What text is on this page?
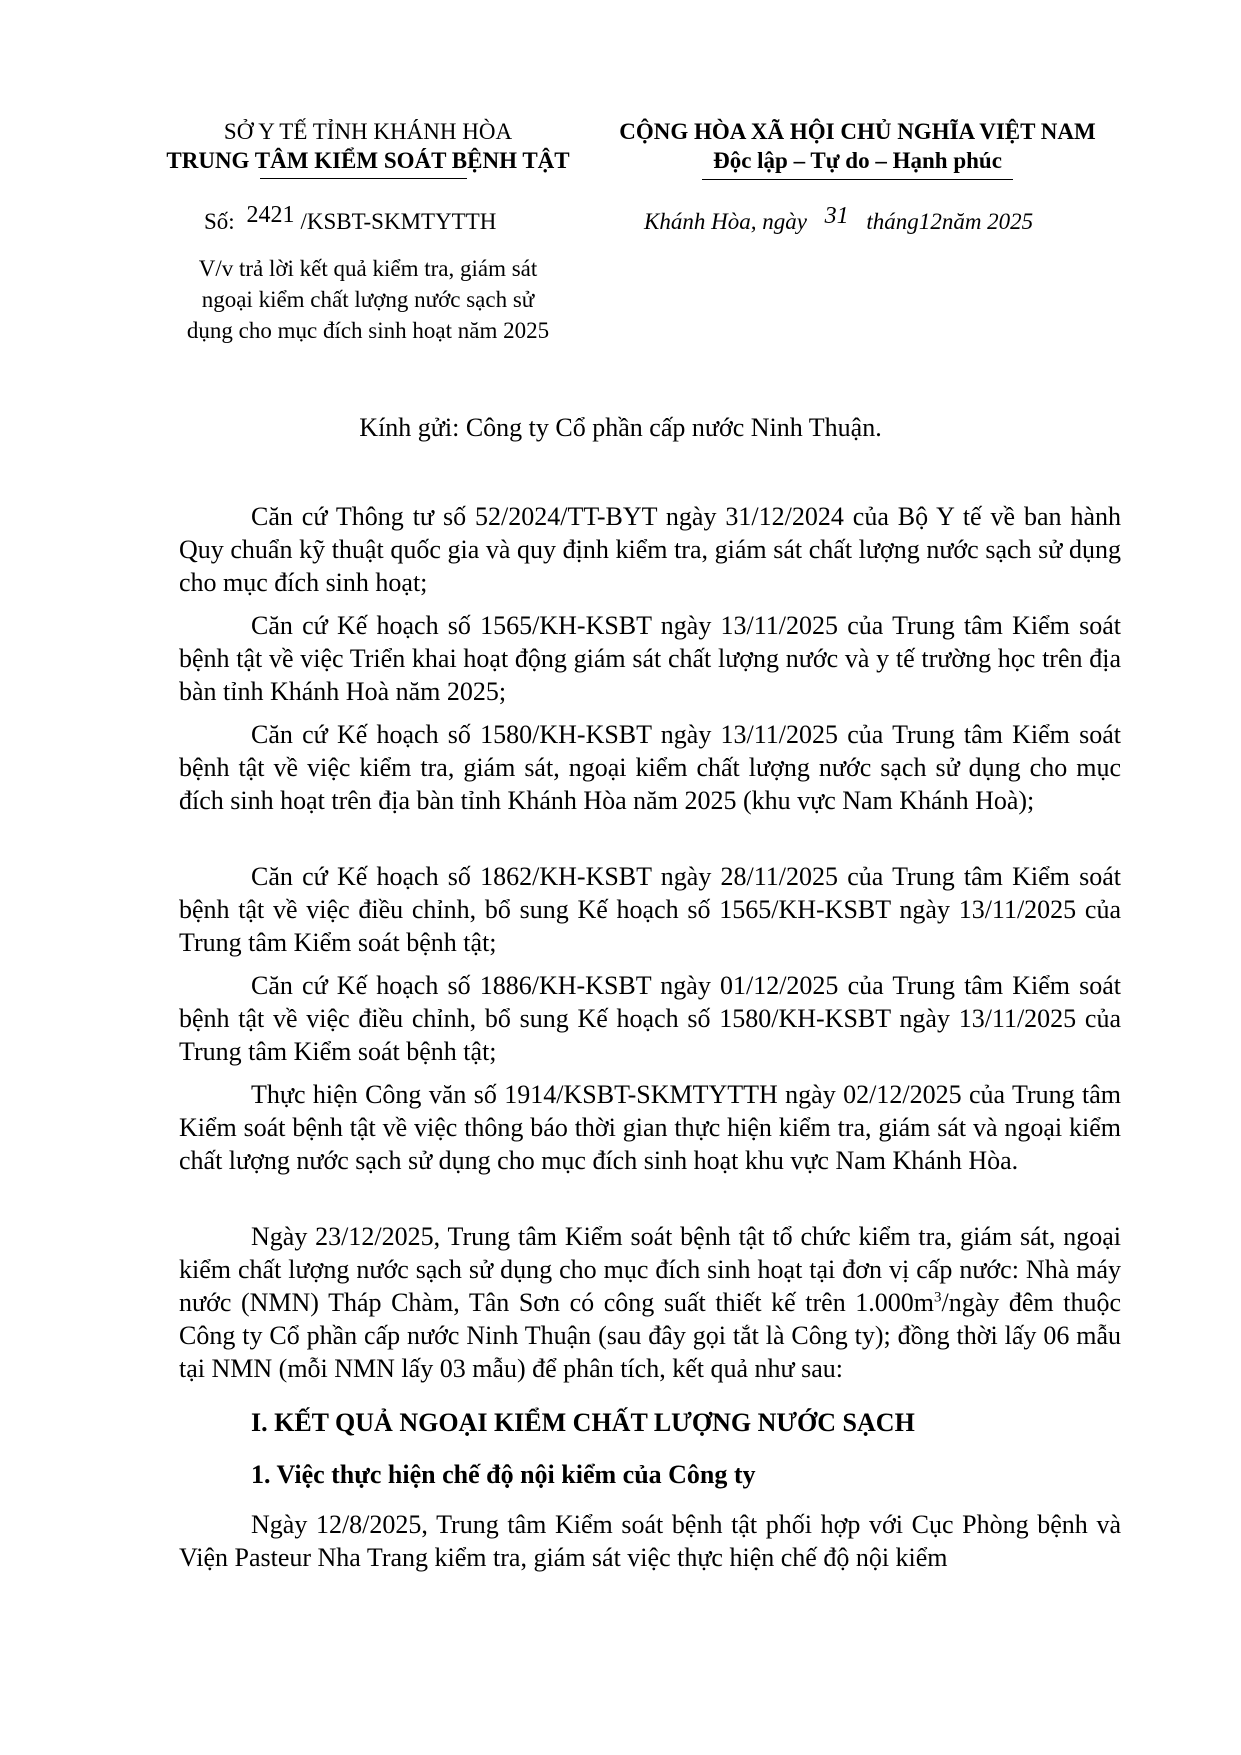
SỞ Y TẾ TỈNH KHÁNH HÒA
TRUNG TÂM KIỂM SOÁT BỆNH TẬT
CỘNG HÒA XÃ HỘI CHỦ NGHĨA VIỆT NAM
Độc lập – Tự do – Hạnh phúc
Số: 2421 /KSBT-SKMTYTTH	Khánh Hòa, ngày 31 tháng12năm 2025
V/v trả lời kết quả kiểm tra, giám sát
ngoại kiểm chất lượng nước sạch sử
dụng cho mục đích sinh hoạt năm 2025
Kính gửi: Công ty Cổ phần cấp nước Ninh Thuận.

Căn cứ Thông tư số 52/2024/TT-BYT ngày 31/12/2024 của Bộ Y tế về ban hành Quy chuẩn kỹ thuật quốc gia và quy định kiểm tra, giám sát chất lượng nước sạch sử dụng cho mục đích sinh hoạt;

Căn cứ Kế hoạch số 1565/KH-KSBT ngày 13/11/2025 của Trung tâm Kiểm soát bệnh tật về việc Triển khai hoạt động giám sát chất lượng nước và y tế trường học trên địa bàn tỉnh Khánh Hoà năm 2025;

Căn cứ Kế hoạch số 1580/KH-KSBT ngày 13/11/2025 của Trung tâm Kiểm soát bệnh tật về việc kiểm tra, giám sát, ngoại kiểm chất lượng nước sạch sử dụng cho mục đích sinh hoạt trên địa bàn tỉnh Khánh Hòa năm 2025 (khu vực Nam Khánh Hoà);

Căn cứ Kế hoạch số 1862/KH-KSBT ngày 28/11/2025 của Trung tâm Kiểm soát bệnh tật về việc điều chỉnh, bổ sung Kế hoạch số 1565/KH-KSBT ngày 13/11/2025 của Trung tâm Kiểm soát bệnh tật;

Căn cứ Kế hoạch số 1886/KH-KSBT ngày 01/12/2025 của Trung tâm Kiểm soát bệnh tật về việc điều chỉnh, bổ sung Kế hoạch số 1580/KH-KSBT ngày 13/11/2025 của Trung tâm Kiểm soát bệnh tật;

Thực hiện Công văn số 1914/KSBT-SKMTYTTH ngày 02/12/2025 của Trung tâm Kiểm soát bệnh tật về việc thông báo thời gian thực hiện kiểm tra, giám sát và ngoại kiểm chất lượng nước sạch sử dụng cho mục đích sinh hoạt khu vực Nam Khánh Hòa.

Ngày 23/12/2025, Trung tâm Kiểm soát bệnh tật tổ chức kiểm tra, giám sát, ngoại kiểm chất lượng nước sạch sử dụng cho mục đích sinh hoạt tại đơn vị cấp nước: Nhà máy nước (NMN) Tháp Chàm, Tân Sơn có công suất thiết kế trên $1.000m^3$/ngày đêm thuộc Công ty Cổ phần cấp nước Ninh Thuận (sau đây gọi tắt là Công ty); đồng thời lấy 06 mẫu tại NMN (mỗi NMN lấy 03 mẫu) để phân tích, kết quả như sau:

I. KẾT QUẢ NGOẠI KIỂM CHẤT LƯỢNG NƯỚC SẠCH
1. Việc thực hiện chế độ nội kiểm của Công ty

Ngày 12/8/2025, Trung tâm Kiểm soát bệnh tật phối hợp với Cục Phòng bệnh và Viện Pasteur Nha Trang kiểm tra, giám sát việc thực hiện chế độ nội kiểm
